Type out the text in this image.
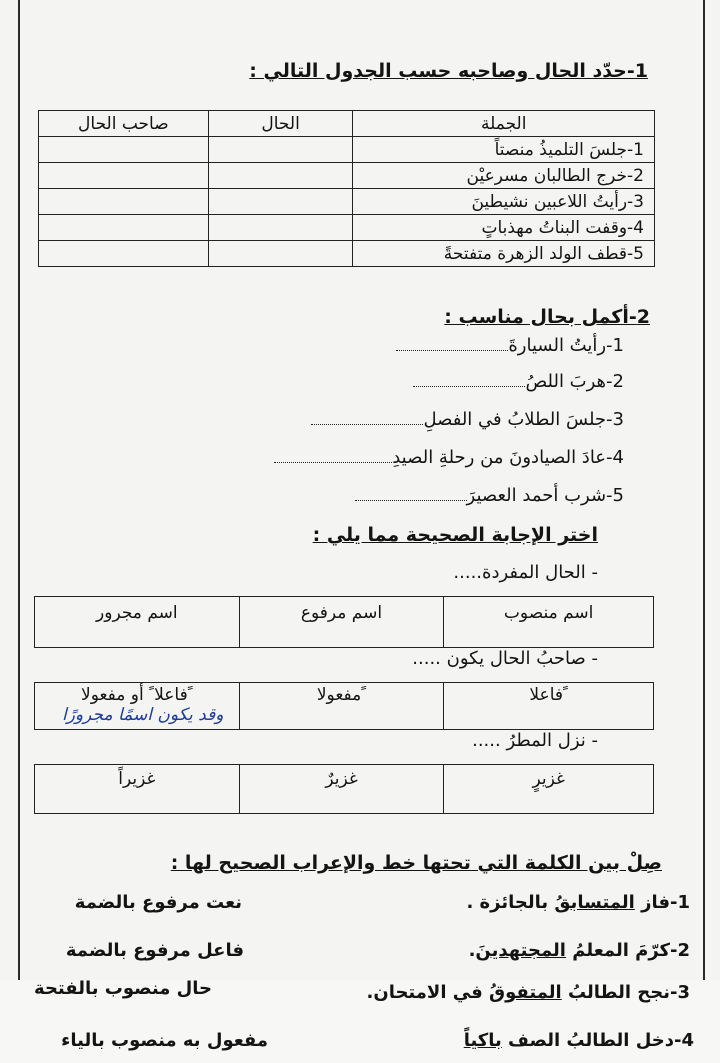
1-حدّد الحال وصاحبه حسب الجدول التالي :
صاحب الحال	الحال	الجملة
		1-جلسَ التلميذُ منصتاً
		2-خرج الطالبان مسرعيْن
		3-رأيتُ اللاعبين نشيطينَ
		4-وقفت البناتُ مهذباتٍ
		5-قطف الولد الزهرة متفتحةً
2-أكمل بحال مناسب :
1-رأيتُ السيارةَ
2-هربَ اللصُ
3-جلسَ الطلابُ في الفصلِ
4-عادَ الصيادونَ من رحلةِ الصيدِ
5-شرب أحمد العصيرَ
اختر الإجابة الصحيحة مما يلي :
- الحال المفردة.....
اسم مجرور	اسم مرفوع	اسم منصوب
- صاحبُ الحال يكون .....
فاعلا ً أو مفعولا ً	مفعولا ً	فاعلا ً
وقد يكون اسمًا مجرورًا
- نزل المطرُ .....
غزيراً	غزيرٌ	غزيرٍ
صِلْ بين الكلمة التي تحتها خط والإعراب الصحيح لها :
1-فاز المتسابقُ بالجائزة .
نعت مرفوع بالضمة
2-كرّمَ المعلمُ المجتهدينَ.
فاعل مرفوع بالضمة
3-نجح الطالبُ المتفوقُ في الامتحان.
حال منصوب بالفتحة
4-دخل الطالبُ الصف باكياً
مفعول به منصوب بالياء
